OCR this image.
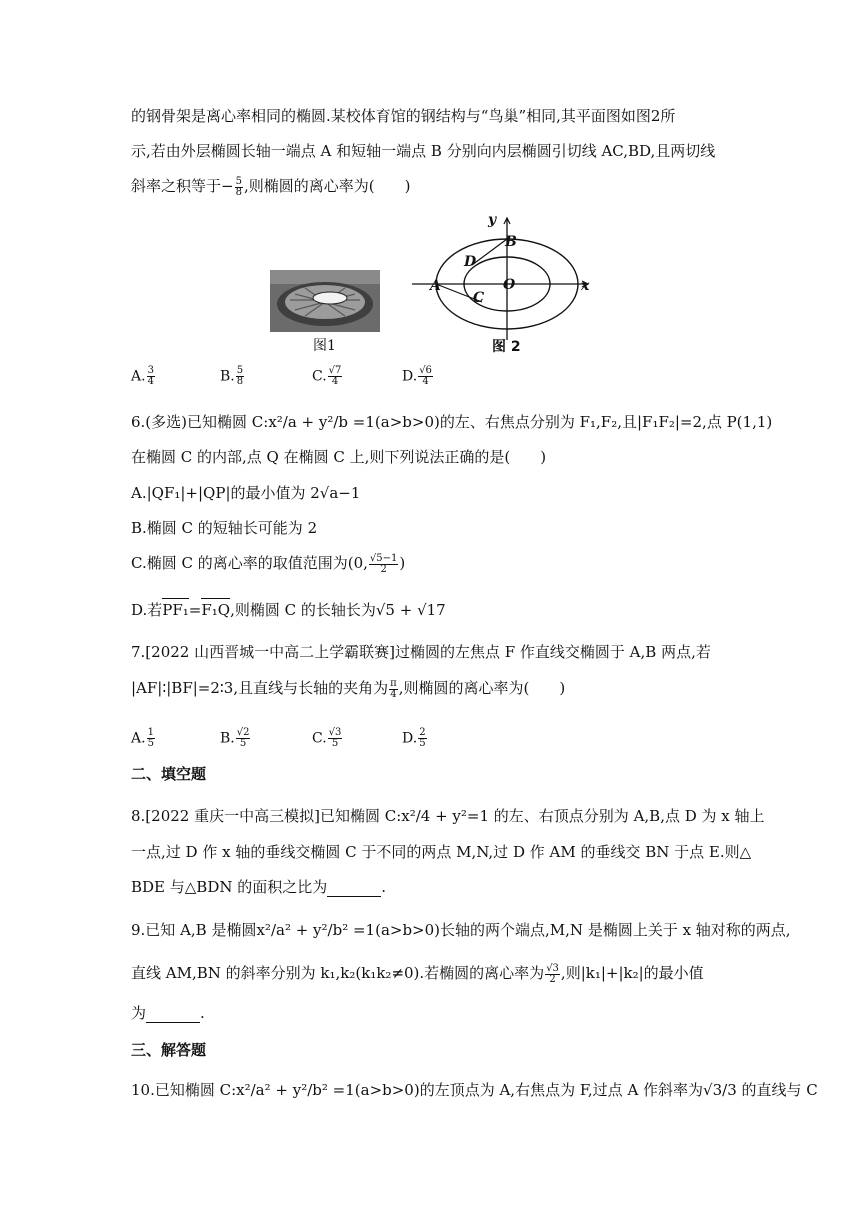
的钢骨架是离心率相同的椭圆.某校体育馆的钢结构与“鸟巢”相同,其平面图如图2所
示,若由外层椭圆长轴一端点 A 和短轴一端点 B 分别向内层椭圆引切线 AC,BD,且两切线
斜率之积等于− $\frac{5}{8}$ ,则椭圆的离心率为(　　)
图1
y
B
D
A
C
O	x
图 2
A. $\frac{3}{4}$	B. $\frac{5}{8}$	C. $\frac{√7}{4}$	D. $\frac{√6}{4}$
6.(多选)已知椭圆 C:x²/a + y²/b =1(a>b>0)的左、右焦点分别为 F₁,F₂,且|F₁F₂|=2,点 P(1,1)
在椭圆 C 的内部,点 Q 在椭圆 C 上,则下列说法正确的是(　　)
A.|QF₁|+|QP|的最小值为 2√a−1
B.椭圆 C 的短轴长可能为 2
C.椭圆 C 的离心率的取值范围为(0, $\frac{√5-1}{2}$ )
D.若PF₁=F₁Q,则椭圆 C 的长轴长为√5 + √17
7.[2022 山西晋城一中高二上学霸联赛]过椭圆的左焦点 F 作直线交椭圆于 A,B 两点,若
|AF|∶|BF|=2∶3,且直线与长轴的夹角为 $\frac{\pi}{4}$ ,则椭圆的离心率为(　　)
A. $\frac{1}{5}$	B. $\frac{√2}{5}$	C. $\frac{√3}{5}$	D. $\frac{2}{5}$
二、填空题
8.[2022 重庆一中高三模拟]已知椭圆 C:x²/4 + y²=1 的左、右顶点分别为 A,B,点 D 为 x 轴上
一点,过 D 作 x 轴的垂线交椭圆 C 于不同的两点 M,N,过 D 作 AM 的垂线交 BN 于点 E.则△
BDE 与△BDN 的面积之比为	.
9.已知 A,B 是椭圆x²/a² + y²/b² =1(a>b>0)长轴的两个端点,M,N 是椭圆上关于 x 轴对称的两点,
直线 AM,BN 的斜率分别为 k₁,k₂(k₁k₂≠0).若椭圆的离心率为 $\frac{√3}{2}$ ,则|k₁|+|k₂|的最小值
为	.
三、解答题
10.已知椭圆 C:x²/a² + y²/b² =1(a>b>0)的左顶点为 A,右焦点为 F,过点 A 作斜率为√3/3 的直线与 C
